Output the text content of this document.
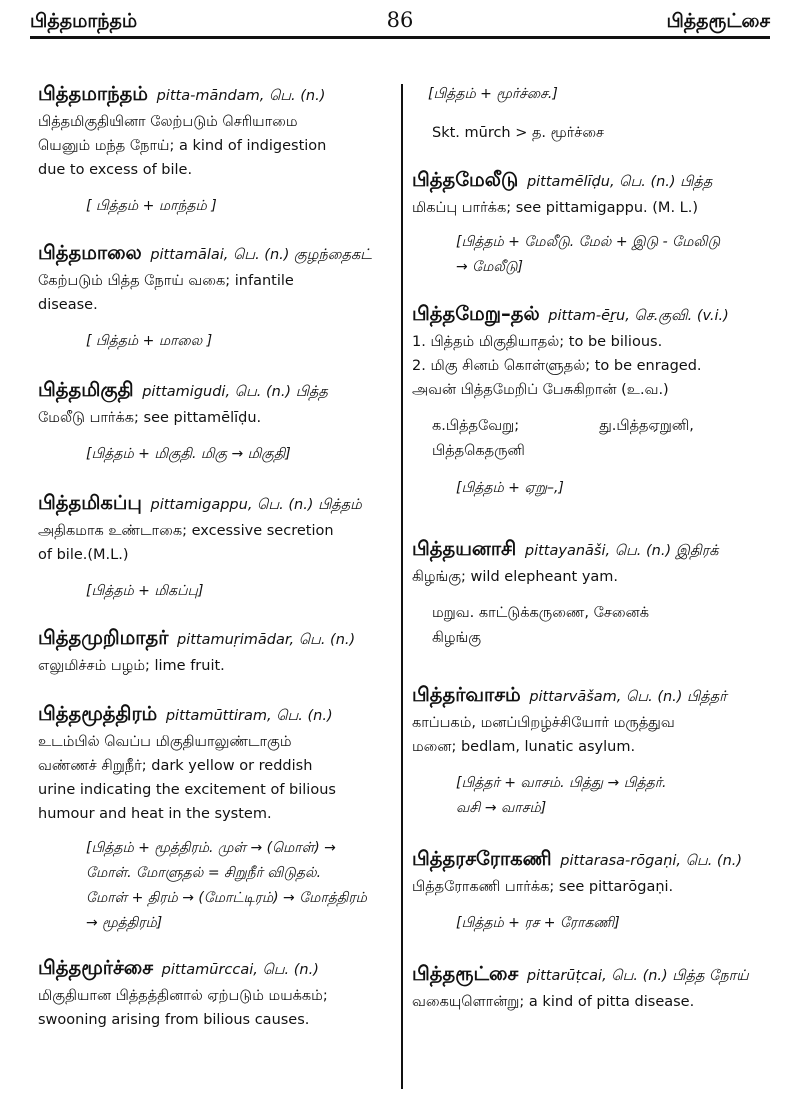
பித்தமாந்தம்	86	பித்தரூட்சை
பித்தமாந்தம் pitta-māndam, பெ. (n.)
பித்தமிகுதியினா லேற்படும் செரியாமை
யெனும் மந்த நோய்; a kind of indigestion
due to excess of bile.
[ பித்தம் + மாந்தம் ]
பித்தமாலை pittamālai, பெ. (n.) குழந்தைகட்
கேற்படும் பித்த நோய் வகை; infantile
disease.
[ பித்தம் + மாலை ]
பித்தமிகுதி pittamigudi, பெ. (n.) பித்த
மேலீடு பார்க்க; see pittamēlīḍu.
[பித்தம் + மிகுதி. மிகு → மிகுதி]
பித்தமிகப்பு pittamigappu, பெ. (n.) பித்தம்
அதிகமாக உண்டாகை; excessive secretion
of bile.(M.L.)
[பித்தம் + மிகப்பு]
பித்தமுறிமாதர் pittamuṛimādar, பெ. (n.)
எலுமிச்சம் பழம்; lime fruit.
பித்தமூத்திரம் pittamūttiram, பெ. (n.)
உடம்பில் வெப்ப மிகுதியாலுண்டாகும்
வண்ணச் சிறுநீர்; dark yellow or reddish
urine indicating the excitement of bilious
humour and heat in the system.
[பித்தம் + மூத்திரம். முள் → (மொள்) →
மோள். மோளுதல் = சிறுநீர் விடுதல்.
மோள் + திரம் → (மோட்டிரம்) → மோத்திரம்
→ மூத்திரம்]
பித்தமூர்ச்சை pittamūrccai, பெ. (n.)
மிகுதியான பித்தத்தினால் ஏற்படும் மயக்கம்;
swooning arising from bilious causes.
[பித்தம் + மூர்ச்சை.]
Skt. mūrch > த. மூர்ச்சை
பித்தமேலீடு pittamēlīḍu, பெ. (n.) பித்த
மிகப்பு பார்க்க; see pittamigappu. (M. L.)
[பித்தம் + மேலீடு. மேல் + இடு - மேலிடு
→ மேலீடு]
பித்தமேறு–தல் pittam-ēṟu, செ.குவி. (v.i.)
1. பித்தம் மிகுதியாதல்; to be bilious.
2. மிகு சினம் கொள்ளுதல்; to be enraged.
அவன் பித்தமேறிப் பேசுகிறான் (உ.வ.)
க.பித்தவேறு;	து.பித்தஏறுனி,
பித்தகெதருனி
[பித்தம் + ஏறு–,]
பித்தயனாசி pittayanāši, பெ. (n.) இதிரக்
கிழங்கு; wild elepheant yam.
மறுவ. காட்டுக்கருணை, சேனைக்
கிழங்கு
பித்தர்வாசம் pittarvāšam, பெ. (n.) பித்தர்
காப்பகம், மனப்பிறழ்ச்சியோர் மருத்துவ
மனை; bedlam, lunatic asylum.
[பித்தர் + வாசம். பித்து → பித்தர்.
வசி → வாசம்]
பித்தரசரோகணி pittarasa-rōgaṇi, பெ. (n.)
பித்தரோகணி பார்க்க; see pittarōgaṇi.
[பித்தம் + ரச + ரோகணி]
பித்தரூட்சை pittarūṭcai, பெ. (n.) பித்த நோய்
வகையுளொன்று; a kind of pitta disease.
